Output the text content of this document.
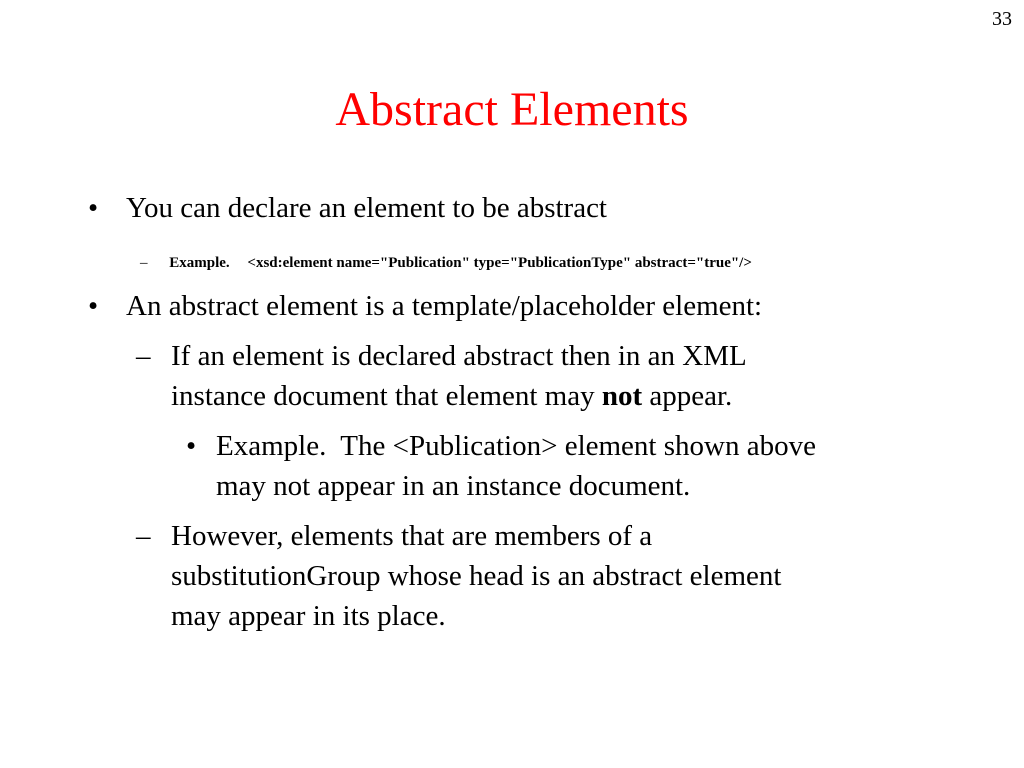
33
Abstract Elements
• You can declare an element to be abstract
– Example. <xsd:element name="Publication" type="PublicationType" abstract="true"/>
• An abstract element is a template/placeholder element:
– If an element is declared abstract then in an XML
instance document that element may not appear.
• Example.  The <Publication> element shown above
may not appear in an instance document.
– However, elements that are members of a
substitutionGroup whose head is an abstract element
may appear in its place.
